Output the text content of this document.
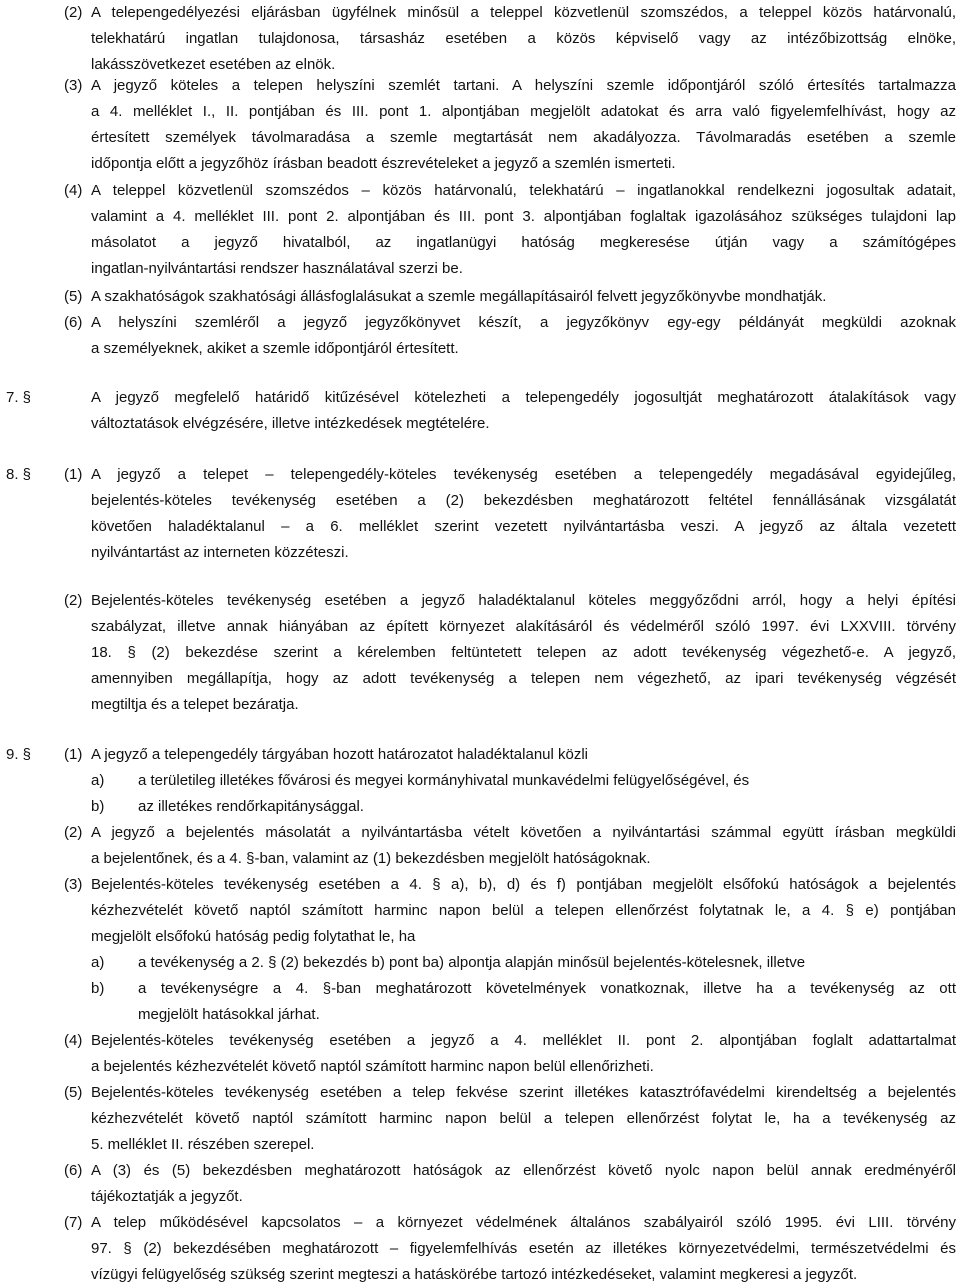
(2) A telepengedélyezési eljárásban ügyfélnek minősül a teleppel közvetlenül szomszédos, a teleppel közös határvonalú,
telekhatárú ingatlan tulajdonosa, társasház esetében a közös képviselő vagy az intézőbizottság elnöke,
lakásszövetkezet esetében az elnök.
(3) A jegyző köteles a telepen helyszíni szemlét tartani. A helyszíni szemle időpontjáról szóló értesítés tartalmazza
a 4. melléklet I., II. pontjában és III. pont 1. alpontjában megjelölt adatokat és arra való figyelemfelhívást, hogy az
értesített személyek távolmaradása a szemle megtartását nem akadályozza. Távolmaradás esetében a szemle
időpontja előtt a jegyzőhöz írásban beadott észrevételeket a jegyző a szemlén ismerteti.
(4) A teleppel közvetlenül szomszédos – közös határvonalú, telekhatárú – ingatlanokkal rendelkezni jogosultak adatait,
valamint a 4. melléklet III. pont 2. alpontjában és III. pont 3. alpontjában foglaltak igazolásához szükséges tulajdoni lap
másolatot a jegyző hivatalból, az ingatlanügyi hatóság megkeresése útján vagy a számítógépes
ingatlan-nyilvántartási rendszer használatával szerzi be.
(5) A szakhatóságok szakhatósági állásfoglalásukat a szemle megállapításairól felvett jegyzőkönyvbe mondhatják.
(6) A helyszíni szemléről a jegyző jegyzőkönyvet készít, a jegyzőkönyv egy-egy példányát megküldi azoknak
a személyeknek, akiket a szemle időpontjáról értesített.
7. §	A jegyző megfelelő határidő kitűzésével kötelezheti a telepengedély jogosultját meghatározott átalakítások vagy
változtatások elvégzésére, illetve intézkedések megtételére.
8. § (1) A jegyző a telepet – telepengedély-köteles tevékenység esetében a telepengedély megadásával egyidejűleg,
bejelentés-köteles tevékenység esetében a (2) bekezdésben meghatározott feltétel fennállásának vizsgálatát
követően haladéktalanul – a 6. melléklet szerint vezetett nyilvántartásba veszi. A jegyző az általa vezetett
nyilvántartást az interneten közzéteszi.
(2) Bejelentés-köteles tevékenység esetében a jegyző haladéktalanul köteles meggyőződni arról, hogy a helyi építési
szabályzat, illetve annak hiányában az épített környezet alakításáról és védelméről szóló 1997. évi LXXVIII. törvény
18. § (2) bekezdése szerint a kérelemben feltüntetett telepen az adott tevékenység végezhető-e. A jegyző,
amennyiben megállapítja, hogy az adott tevékenység a telepen nem végezhető, az ipari tevékenység végzését
megtiltja és a telepet bezáratja.
9. § (1) A jegyző a telepengedély tárgyában hozott határozatot haladéktalanul közli
a) a területileg illetékes fővárosi és megyei kormányhivatal munkavédelmi felügyelőségével, és
b) az illetékes rendőrkapitánysággal.
(2) A jegyző a bejelentés másolatát a nyilvántartásba vételt követően a nyilvántartási számmal együtt írásban megküldi
a bejelentőnek, és a 4. §-ban, valamint az (1) bekezdésben megjelölt hatóságoknak.
(3) Bejelentés-köteles tevékenység esetében a 4. § a), b), d) és f) pontjában megjelölt elsőfokú hatóságok a bejelentés
kézhezvételét követő naptól számított harminc napon belül a telepen ellenőrzést folytatnak le, a 4. § e) pontjában
megjelölt elsőfokú hatóság pedig folytathat le, ha
a) a tevékenység a 2. § (2) bekezdés b) pont ba) alpontja alapján minősül bejelentés-kötelesnek, illetve
b) a tevékenységre a 4. §-ban meghatározott követelmények vonatkoznak, illetve ha a tevékenység az ott
megjelölt hatásokkal járhat.
(4) Bejelentés-köteles tevékenység esetében a jegyző a 4. melléklet II. pont 2. alpontjában foglalt adattartalmat
a bejelentés kézhezvételét követő naptól számított harminc napon belül ellenőrizheti.
(5) Bejelentés-köteles tevékenység esetében a telep fekvése szerint illetékes katasztrófavédelmi kirendeltség a bejelentés
kézhezvételét követő naptól számított harminc napon belül a telepen ellenőrzést folytat le, ha a tevékenység az
5. melléklet II. részében szerepel.
(6) A (3) és (5) bekezdésben meghatározott hatóságok az ellenőrzést követő nyolc napon belül annak eredményéről
tájékoztatják a jegyzőt.
(7) A telep működésével kapcsolatos – a környezet védelmének általános szabályairól szóló 1995. évi LIII. törvény
97. § (2) bekezdésében meghatározott – figyelemfelhívás esetén az illetékes környezetvédelmi, természetvédelmi és
vízügyi felügyelőség szükség szerint megteszi a hatáskörébe tartozó intézkedéseket, valamint megkeresi a jegyzőt.
